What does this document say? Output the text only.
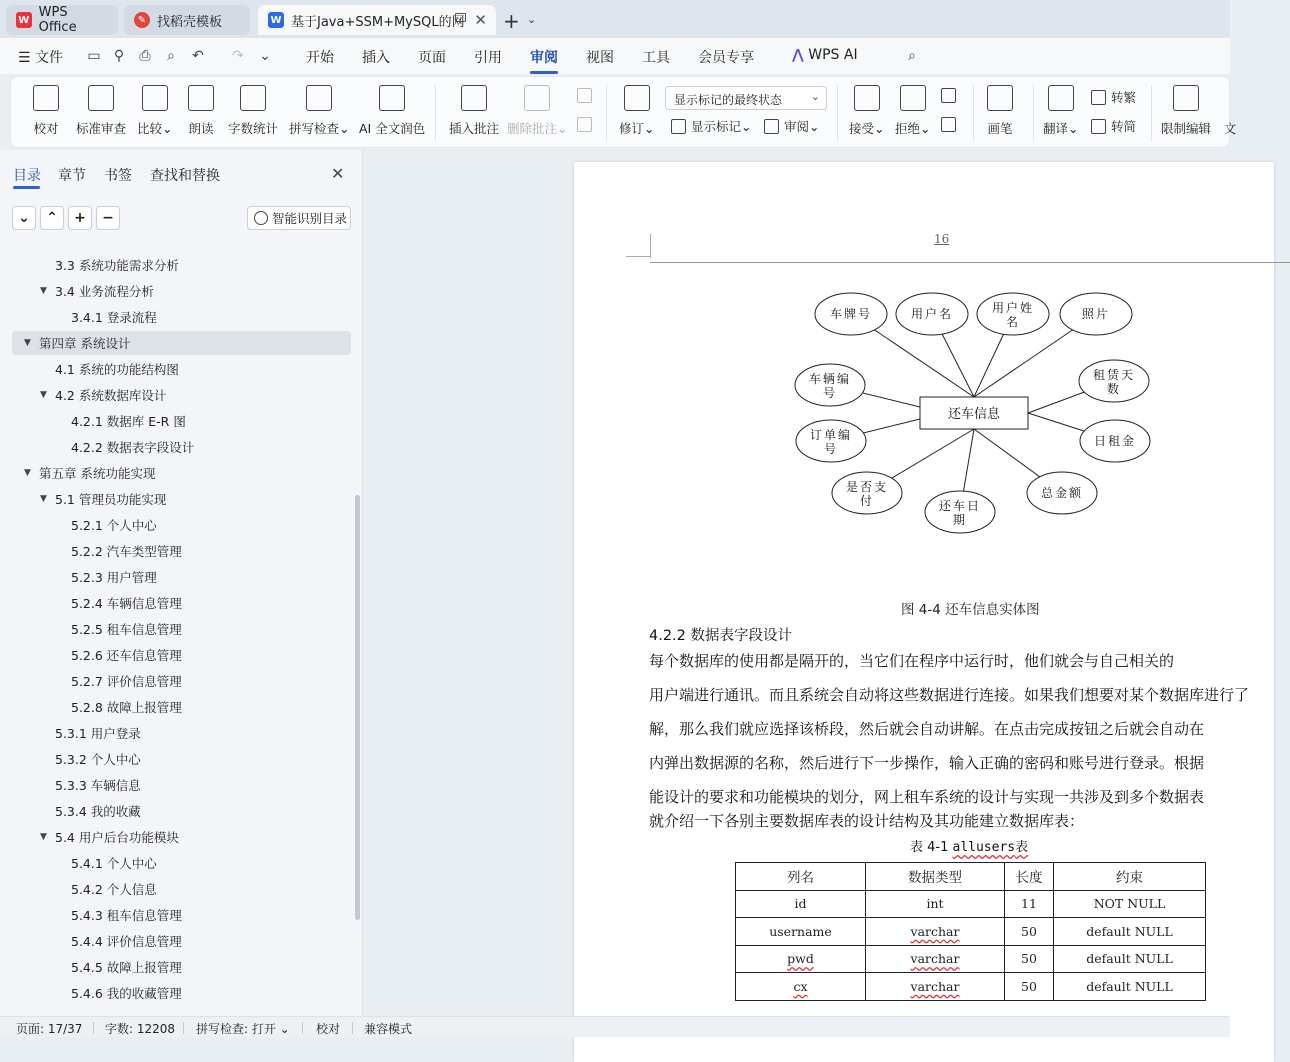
W WPS Office	✎ 找稻壳模板	W 基于Java+SSM+MySQL的网 ✕ + ⌄
☰ 文件 ▭ ⚲ ⎙ ⌕ ↶ ↷ ⌄	开始 插入 页面 引用 审阅 视图 工具 会员专享	⋀ WPS AI	⌕
校对 标准审查 比较⌄ 朗读 字数统计 拼写检查⌄ AI 全文润色 插入批注 删除批注⌄	修订⌄
显示标记的最终状态	⌄
显示标记 ⌄	审阅 ⌄ 接受⌄ 拒绝⌄	画笔 翻译⌄
转繁
转简 限制编辑 文
目录 章节 书签 查找和替换	✕
⌄	⌃	+	−	智能识别目录
3.3 系统功能需求分析
▼ 3.4 业务流程分析
3.4.1 登录流程
▼ 第四章 系统设计
4.1 系统的功能结构图
▼ 4.2 系统数据库设计
4.2.1 数据库 E-R 图
4.2.2 数据表字段设计
▼ 第五章 系统功能实现
▼ 5.1 管理员功能实现
5.2.1 个人中心
5.2.2 汽车类型管理
5.2.3 用户管理
5.2.4 车辆信息管理
5.2.5 租车信息管理
5.2.6 还车信息管理
5.2.7 评价信息管理
5.2.8 故障上报管理
5.3.1 用户登录
5.3.2 个人中心
5.3.3 车辆信息
5.3.4 我的收藏
▼ 5.4 用户后台功能模块
5.4.1 个人中心
5.4.2 个人信息
5.4.3 租车信息管理
5.4.4 评价信息管理
5.4.5 故障上报管理
5.4.6 我的收藏管理
16
车牌号	用户名	用户姓
名
照片
车辆编
号
租赁天
数
订单编
号
日租金
是否支
付	还车日
期
总金额
还车信息
图 4-4 还车信息实体图
4.2.2 数据表字段设计
每个数据库的使用都是隔开的，当它们在程序中运行时，他们就会与自己相关的
用户端进行通讯。而且系统会自动将这些数据进行连接。如果我们想要对某个数据库进行了
解，那么我们就应选择该桥段，然后就会自动讲解。在点击完成按钮之后就会自动在
内弹出数据源的名称，然后进行下一步操作，输入正确的密码和账号进行登录。根据
能设计的要求和功能模块的划分，网上租车系统的设计与实现一共涉及到多个数据表
就介绍一下各别主要数据库表的设计结构及其功能建立数据库表：
表 4-1 allusers表
列名	数据类型	长度	约束
id	int	11	NOT NULL
username	varchar	50	default NULL
pwd	varchar	50	default NULL
cx	varchar	50	default NULL
页面: 17/37 字数: 12208 拼写检查: 打开 ⌄ 校对 兼容模式
